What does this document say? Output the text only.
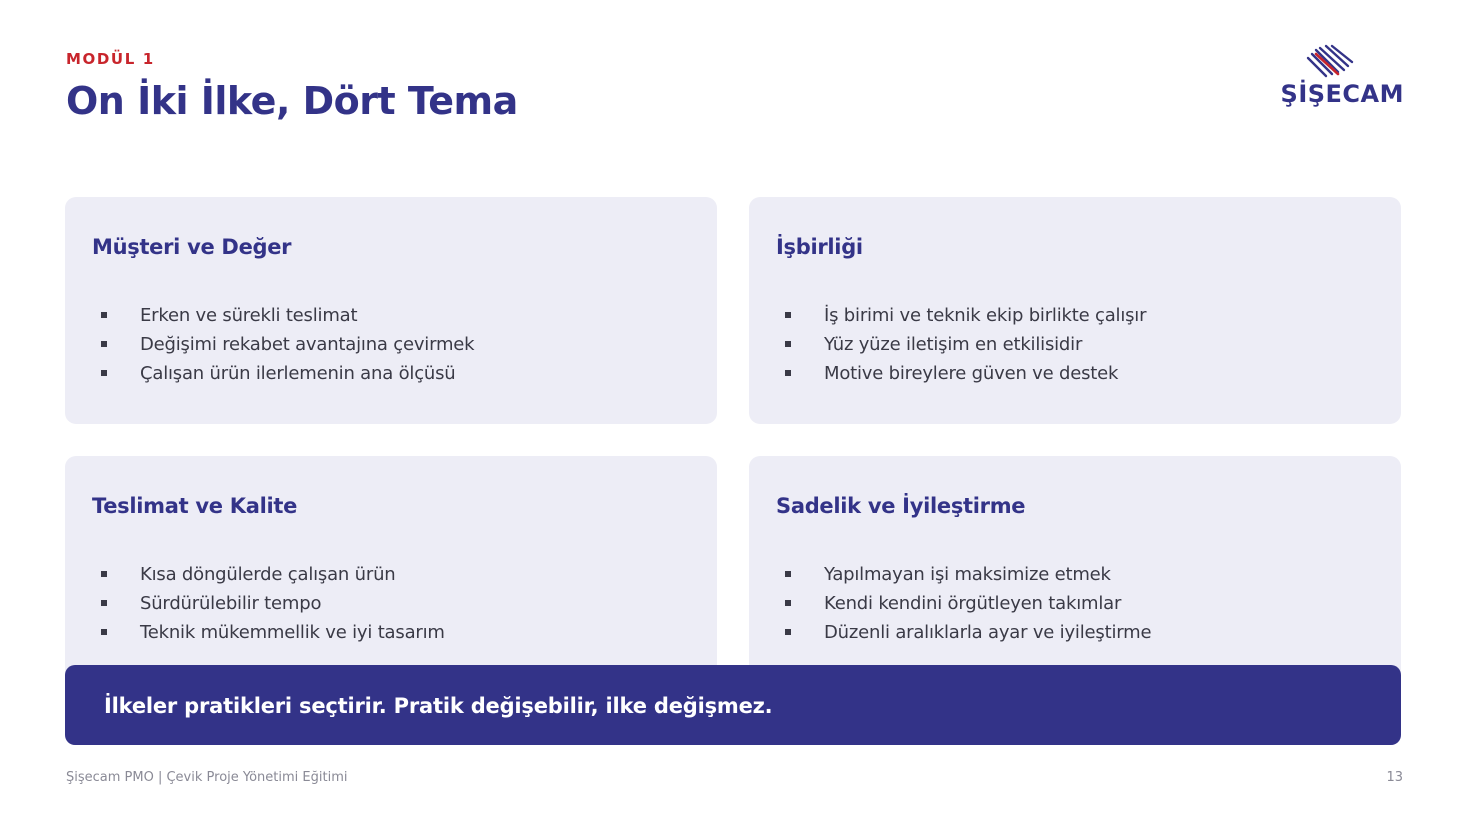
MODÜL 1
On İki İlke, Dört Tema	ŞİŞECAM
Müşteri ve Değer
Erken ve sürekli teslimat
Değişimi rekabet avantajına çevirmek
Çalışan ürün ilerlemenin ana ölçüsü
İşbirliği
İş birimi ve teknik ekip birlikte çalışır
Yüz yüze iletişim en etkilisidir
Motive bireylere güven ve destek
Teslimat ve Kalite
Kısa döngülerde çalışan ürün
Sürdürülebilir tempo
Teknik mükemmellik ve iyi tasarım
Sadelik ve İyileştirme
Yapılmayan işi maksimize etmek
Kendi kendini örgütleyen takımlar
Düzenli aralıklarla ayar ve iyileştirme
İlkeler pratikleri seçtirir. Pratik değişebilir, ilke değişmez.
Şişecam PMO | Çevik Proje Yönetimi Eğitimi	13
